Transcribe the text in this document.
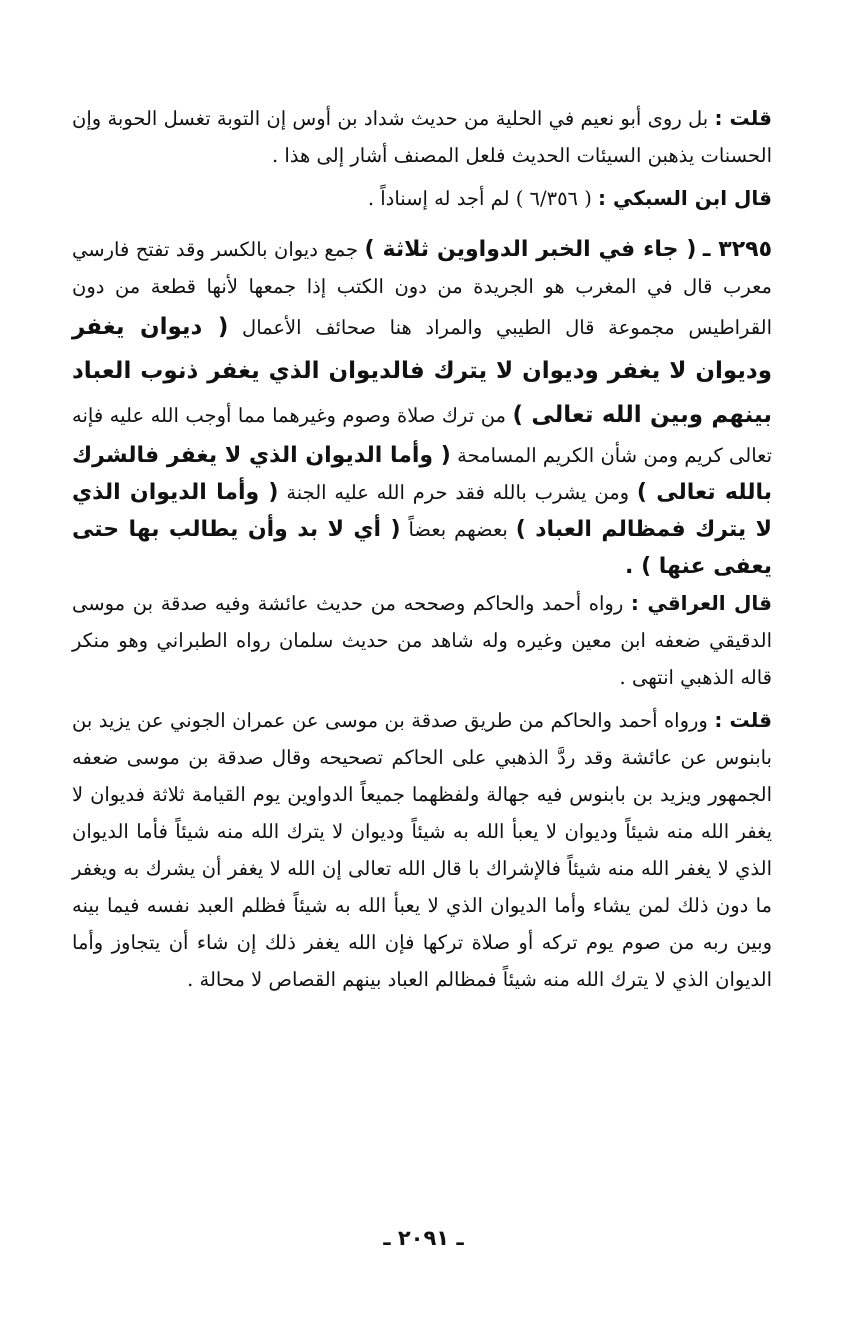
قلت : بل روى أبو نعيم في الحلية من حديث شداد بن أوس إن التوبة تغسل الحوبة وإن الحسنات يذهبن السيئات الحديث فلعل المصنف أشار إلى هذا .

قال ابن السبكي : ( ٦/٣٥٦ ) لم أجد له إسناداً .

٣٢٩٥ ـ ( جاء في الخبر الدواوين ثلاثة ) جمع ديوان بالكسر وقد تفتح فارسي معرب قال في المغرب هو الجريدة من دون الكتب إذا جمعها لأنها قطعة من دون القراطيس مجموعة قال الطيبي والمراد هنا صحائف الأعمال ( ديوان يغفر وديوان لا يغفر وديوان لا يترك فالديوان الذي يغفر ذنوب العباد بينهم وبين الله تعالى ) من ترك صلاة وصوم وغيرهما مما أوجب الله عليه فإنه تعالى كريم ومن شأن الكريم المسامحة ( وأما الديوان الذي لا يغفر فالشرك بالله تعالى ) ومن يشرب بالله فقد حرم الله عليه الجنة ( وأما الديوان الذي لا يترك فمظالم العباد ) بعضهم بعضاً ( أي لا بد وأن يطالب بها حتى يعفى عنها ) .

قال العراقي : رواه أحمد والحاكم وصححه من حديث عائشة وفيه صدقة بن موسى الدقيقي ضعفه ابن معين وغيره وله شاهد من حديث سلمان رواه الطبراني وهو منكر قاله الذهبي انتهى .

قلت : ورواه أحمد والحاكم من طريق صدقة بن موسى عن عمران الجوني عن يزيد بن بابنوس عن عائشة وقد ردَّ الذهبي على الحاكم تصحيحه وقال صدقة بن موسى ضعفه الجمهور ويزيد بن بابنوس فيه جهالة ولفظهما جميعاً الدواوين يوم القيامة ثلاثة فديوان لا يغفر الله منه شيئاً وديوان لا يعبأ الله به شيئاً وديوان لا يترك الله منه شيئاً فأما الديوان الذي لا يغفر الله منه شيئاً فالإشراك با قال الله تعالى إن الله لا يغفر أن يشرك به ويغفر ما دون ذلك لمن يشاء وأما الديوان الذي لا يعبأ الله به شيئاً فظلم العبد نفسه فيما بينه وبين ربه من صوم يوم تركه أو صلاة تركها فإن الله يغفر ذلك إن شاء أن يتجاوز وأما الديوان الذي لا يترك الله منه شيئاً فمظالم العباد بينهم القصاص لا محالة .

ـ ٢٠٩١ ـ
